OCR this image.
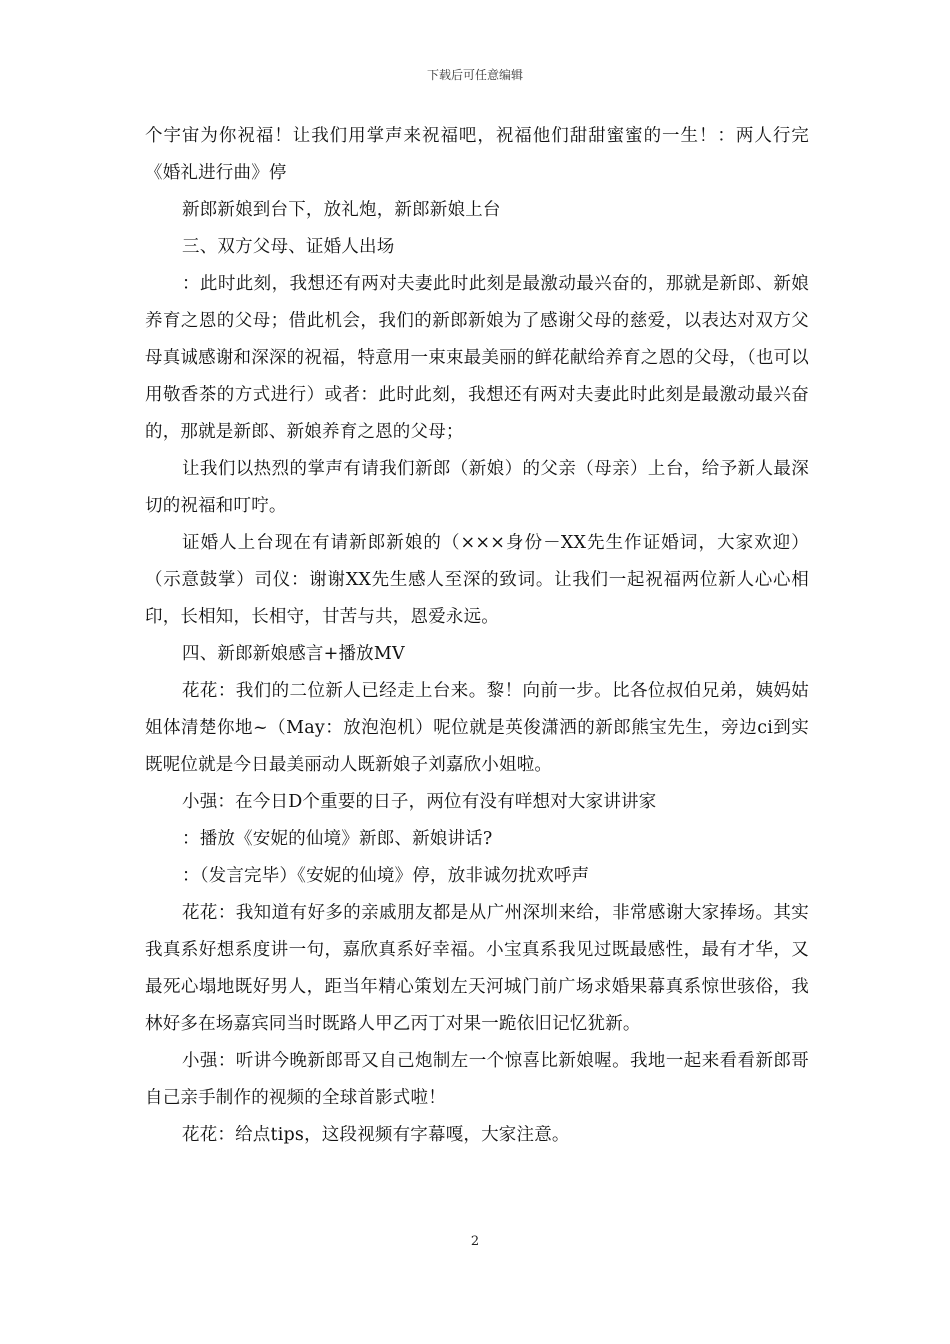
下载后可任意编辑

个宇宙为你祝福！让我们用掌声来祝福吧，祝福他们甜甜蜜蜜的一生！：两人行完《婚礼进行曲》停

新郎新娘到台下，放礼炮，新郎新娘上台

三、双方父母、证婚人出场

：此时此刻，我想还有两对夫妻此时此刻是最激动最兴奋的，那就是新郎、新娘养育之恩的父母；借此机会，我们的新郎新娘为了感谢父母的慈爱，以表达对双方父母真诚感谢和深深的祝福，特意用一束束最美丽的鲜花献给养育之恩的父母，（也可以用敬香茶的方式进行）或者：此时此刻，我想还有两对夫妻此时此刻是最激动最兴奋的，那就是新郎、新娘养育之恩的父母；

让我们以热烈的掌声有请我们新郎（新娘）的父亲（母亲）上台，给予新人最深切的祝福和叮咛。

证婚人上台现在有请新郎新娘的（×××身份－XX先生作证婚词，大家欢迎）（示意鼓掌）司仪：谢谢XX先生感人至深的致词。让我们一起祝福两位新人心心相印，长相知，长相守，甘苦与共，恩爱永远。

四、新郎新娘感言+播放MV

花花：我们的二位新人已经走上台来。黎！向前一步。比各位叔伯兄弟，姨妈姑姐体清楚你地~（May：放泡泡机）呢位就是英俊潇洒的新郎熊宝先生，旁边ci到实既呢位就是今日最美丽动人既新娘子刘嘉欣小姐啦。

小强：在今日D个重要的日子，两位有没有咩想对大家讲讲家

：播放《安妮的仙境》新郎、新娘讲话?

：（发言完毕）《安妮的仙境》停，放非诚勿扰欢呼声

花花：我知道有好多的亲戚朋友都是从广州深圳来给，非常感谢大家捧场。其实我真系好想系度讲一句，嘉欣真系好幸福。小宝真系我见过既最感性，最有才华，又最死心塌地既好男人，距当年精心策划左天河城门前广场求婚果幕真系惊世骇俗，我林好多在场嘉宾同当时既路人甲乙丙丁对果一跪依旧记忆犹新。

小强：听讲今晚新郎哥又自己炮制左一个惊喜比新娘喔。我地一起来看看新郎哥自己亲手制作的视频的全球首影式啦！

花花：给点tips，这段视频有字幕嘎，大家注意。

2
